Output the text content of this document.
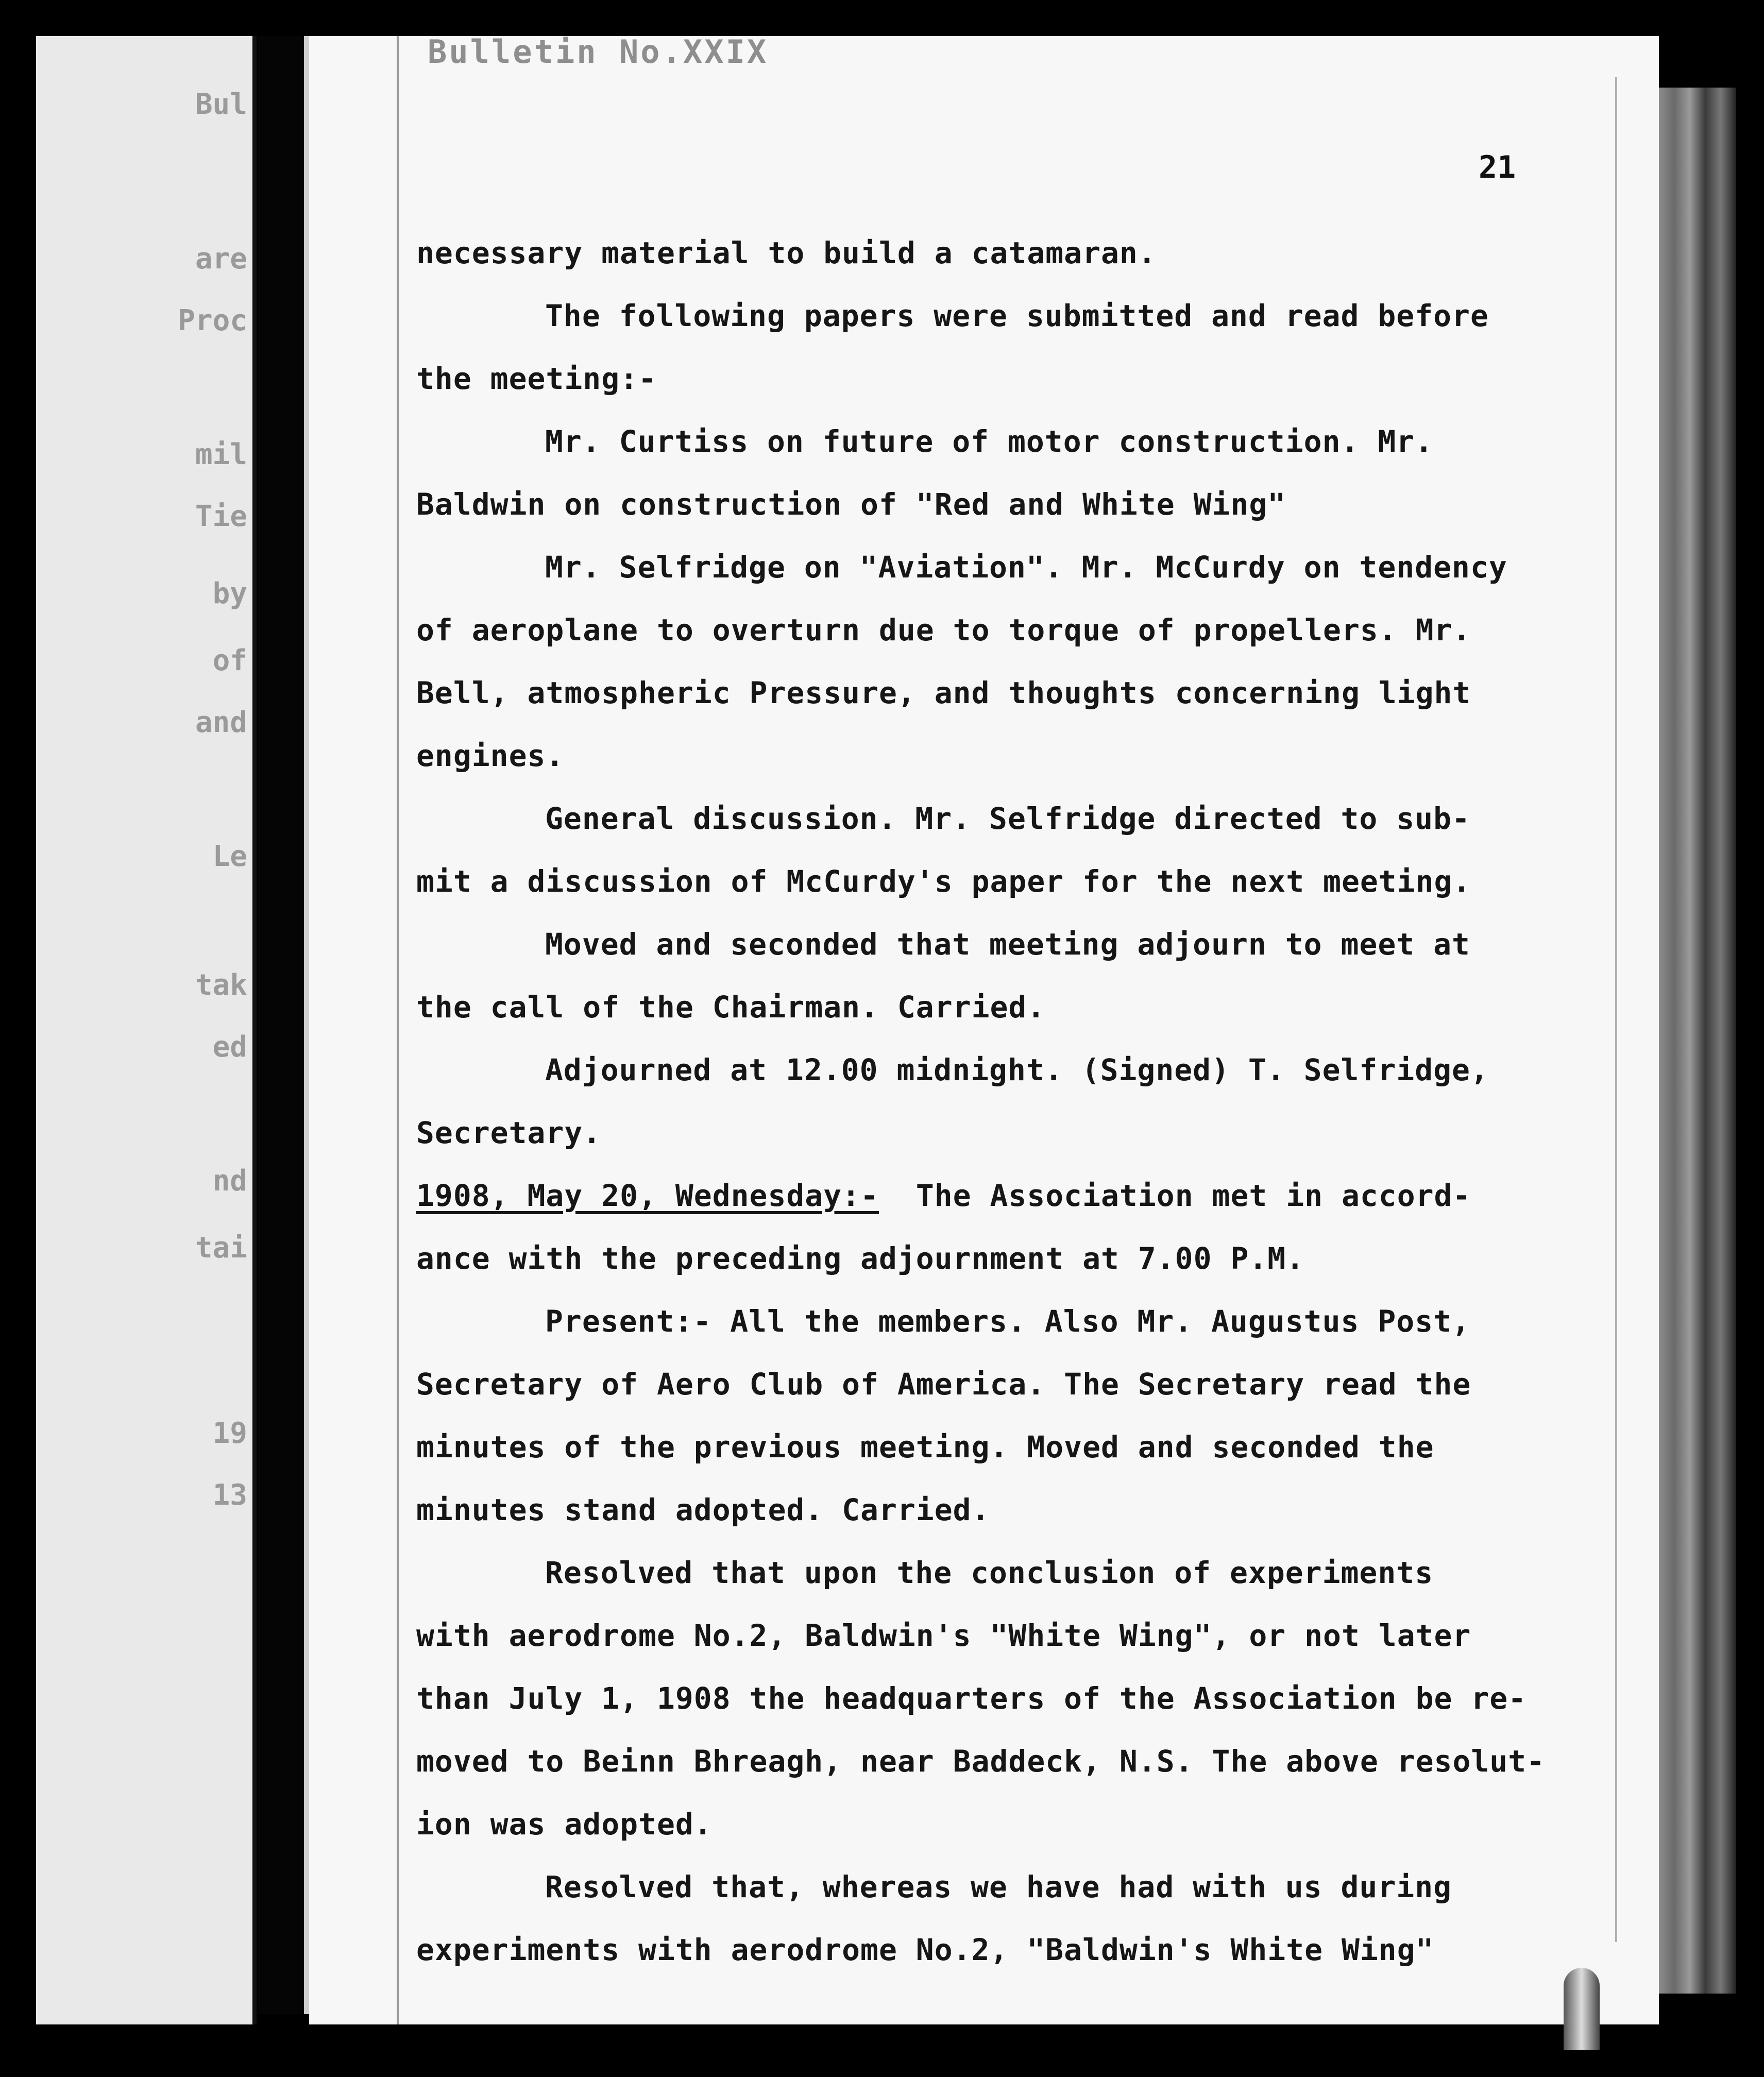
Bul
are
Proc
mil
Tie
by
of
and
Le
tak
ed
nd
tai
19
13
Bulletin No.XXIX
21
necessary material to build a catamaran.
The following papers were submitted and read before
the meeting:-
Mr. Curtiss on future of motor construction. Mr.
Baldwin on construction of "Red and White Wing"
Mr. Selfridge on "Aviation". Mr. McCurdy on tendency
of aeroplane to overturn due to torque of propellers. Mr.
Bell, atmospheric Pressure, and thoughts concerning light
engines.
General discussion. Mr. Selfridge directed to sub-
mit a discussion of McCurdy's paper for the next meeting.
Moved and seconded that meeting adjourn to meet at
the call of the Chairman. Carried.
Adjourned at 12.00 midnight. (Signed) T. Selfridge,
Secretary.
1908, May 20, Wednesday:-  The Association met in accord-
ance with the preceding adjournment at 7.00 P.M.
Present:- All the members. Also Mr. Augustus Post,
Secretary of Aero Club of America. The Secretary read the
minutes of the previous meeting. Moved and seconded the
minutes stand adopted. Carried.
Resolved that upon the conclusion of experiments
with aerodrome No.2, Baldwin's "White Wing", or not later
than July 1, 1908 the headquarters of the Association be re-
moved to Beinn Bhreagh, near Baddeck, N.S. The above resolut-
ion was adopted.
Resolved that, whereas we have had with us during
experiments with aerodrome No.2, "Baldwin's White Wing"
